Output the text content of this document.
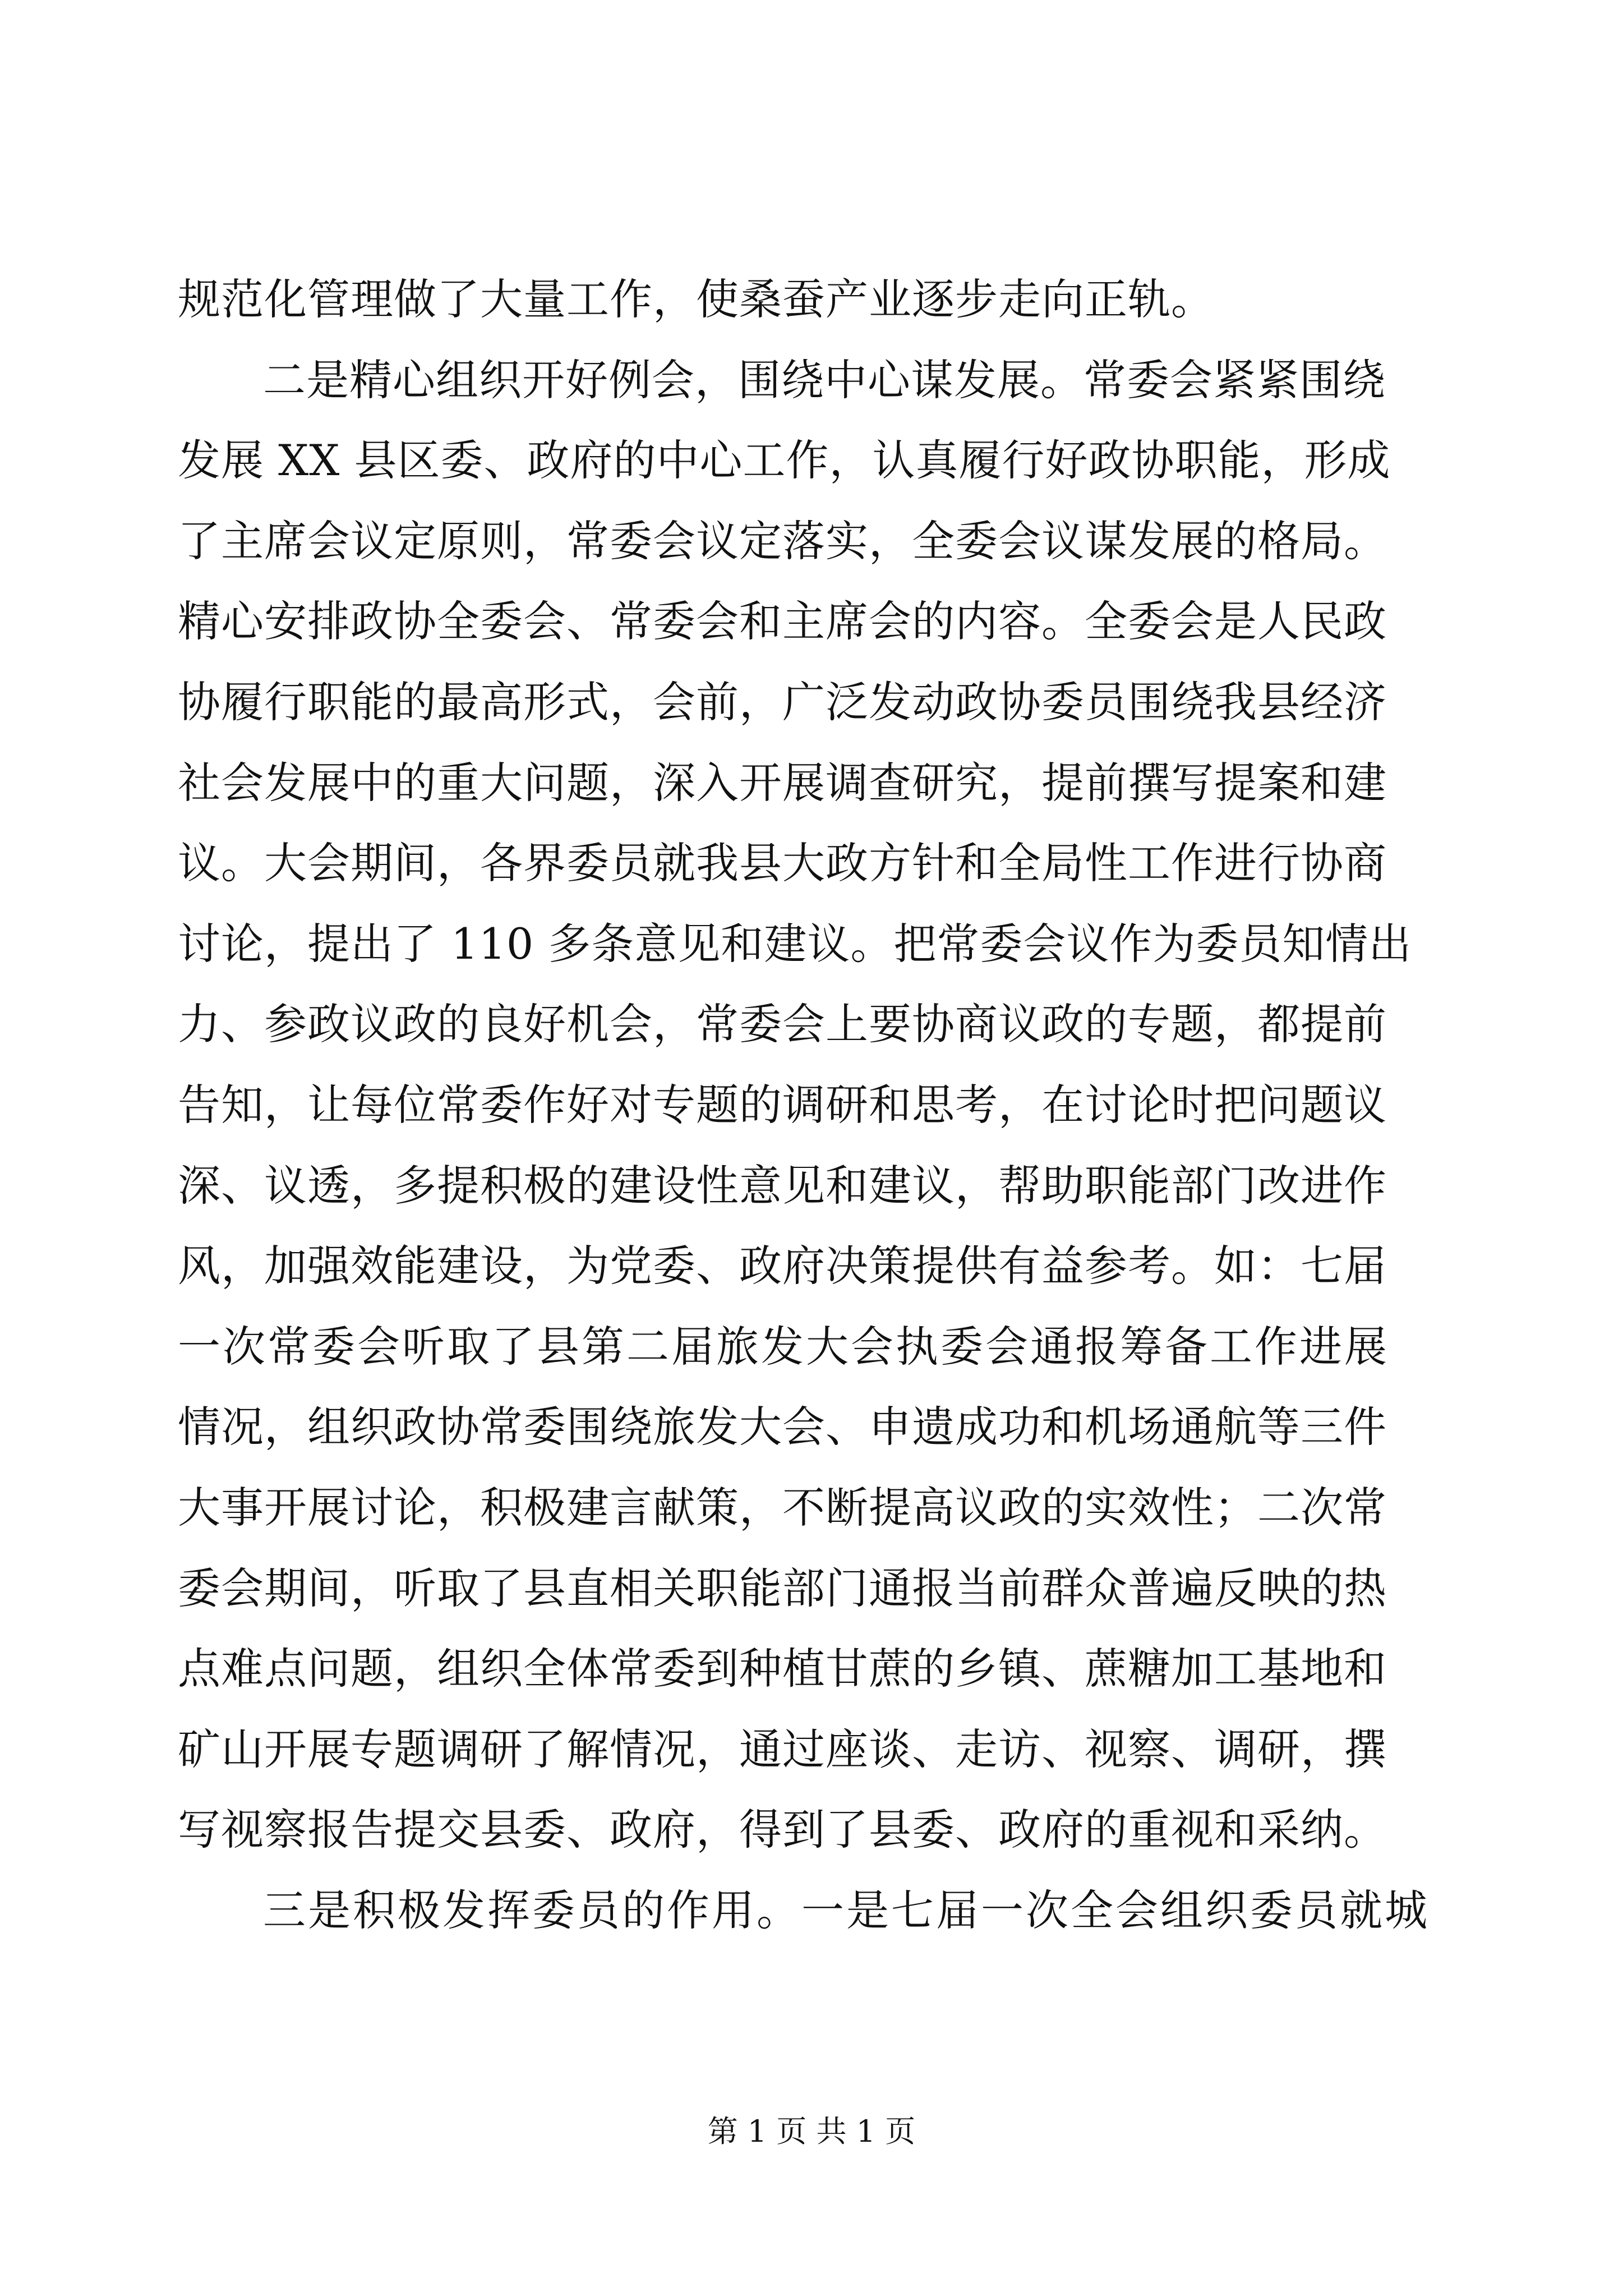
规范化管理做了大量工作，使桑蚕产业逐步走向正轨。
二是精心组织开好例会，围绕中心谋发展。常委会紧紧围绕
发展 XX 县区委、政府的中心工作，认真履行好政协职能，形成
了主席会议定原则，常委会议定落实，全委会议谋发展的格局。
精心安排政协全委会、常委会和主席会的内容。全委会是人民政
协履行职能的最高形式，会前，广泛发动政协委员围绕我县经济
社会发展中的重大问题，深入开展调查研究，提前撰写提案和建
议。大会期间，各界委员就我县大政方针和全局性工作进行协商
讨论，提出了 110 多条意见和建议。把常委会议作为委员知情出
力、参政议政的良好机会，常委会上要协商议政的专题，都提前
告知，让每位常委作好对专题的调研和思考，在讨论时把问题议
深、议透，多提积极的建设性意见和建议，帮助职能部门改进作
风，加强效能建设，为党委、政府决策提供有益参考。如：七届
一次常委会听取了县第二届旅发大会执委会通报筹备工作进展
情况，组织政协常委围绕旅发大会、申遗成功和机场通航等三件
大事开展讨论，积极建言献策，不断提高议政的实效性；二次常
委会期间，听取了县直相关职能部门通报当前群众普遍反映的热
点难点问题，组织全体常委到种植甘蔗的乡镇、蔗糖加工基地和
矿山开展专题调研了解情况，通过座谈、走访、视察、调研，撰
写视察报告提交县委、政府，得到了县委、政府的重视和采纳。
三是积极发挥委员的作用。一是七届一次全会组织委员就城
第 1 页 共 1 页
